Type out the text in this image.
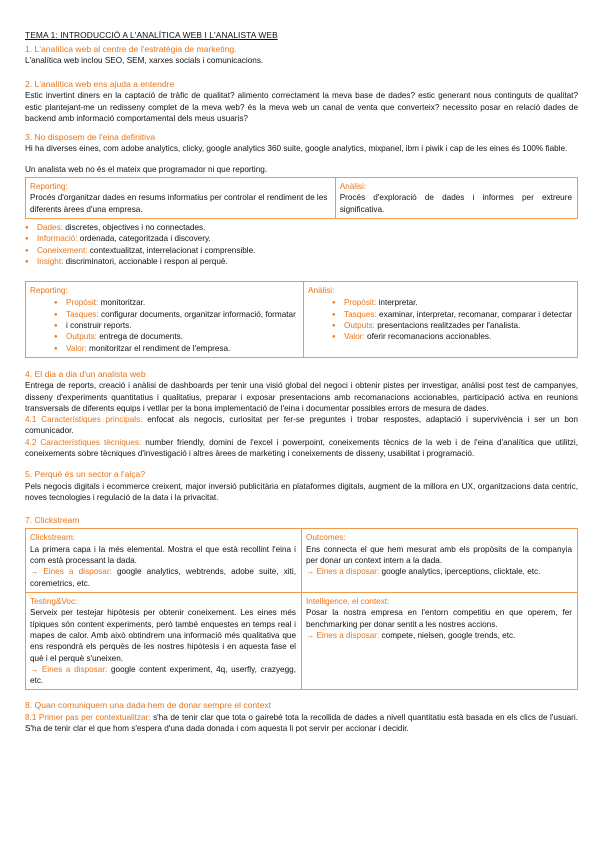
TEMA 1: INTRODUCCIÓ A L'ANALÍTICA WEB I L'ANALISTA WEB
1. L'analítica web al centre de l'estratègia de marketing.

L'analítica web inclou SEO, SEM, xarxes socials i comunicacions.

2. L'analítica web ens ajuda a entendre

Estic invertint diners en la captació de tràfic de qualitat? alimento correctament la meva base de dades? estic generant nous continguts de qualitat? estic plantejant-me un redisseny complet de la meva web? és la meva web un canal de venta que converteix? necessito posar en relació dades de backend amb informació comportamental dels meus usuaris?

3. No disposem de l'eina definitiva

Hi ha diverses eines, com adobe analytics, clicky, google analytics 360 suite, google analytics, mixpanel, ibm i piwik i cap de les eines és 100% fiable.

Un analista web no és el mateix que programador ni que reporting.

Reporting:
Procés d'organitzar dades en resums informatius per controlar el rendiment de les diferents àrees d'una empresa.
Anàlisi:

Procés d'exploració de dades i informes per extreure significativa.

● Dades: discretes, objectives i no connectades.
● Informació: ordenada, categoritzada i discovery.
● Coneixement: contextualitzat, interrelacionat i comprensible.
● Insight: discriminatori, accionable i respon al perquè.
Reporting:
● Propòsit: monitoritzar.
● Tasques: configurar documents, organitzar informació, formatar
● i construir reports.
● Outputs: entrega de documents.
● Valor: monitoritzar el rendiment de l'empresa.
Anàlisi:
● Propòsit: interpretar.
● Tasques: examinar, interpretar, recomanar, comparar i detectar
● Outputs: presentacions realitzades per l'analista.
● Valor: oferir recomanacions accionables.
4. El dia a dia d'un analista web

Entrega de reports, creació i anàlisi de dashboards per tenir una visió global del negoci i obtenir pistes per investigar, anàlisi post test de campanyes, disseny d'experiments quantitatius i qualitatius, preparar i exposar presentacions amb recomanacions accionables, participació activa en reunions transversals de diferents equips i vetllar per la bona implementació de l'eina i documentar possibles errors de mesura de dades.

4.1 Característiques principals: enfocat als negocis, curiositat per fer-se preguntes i trobar respostes, adaptació i supervivència i ser un bon comunicador.

4.2 Característiques tècniques: number friendly, domini de l'excel i powerpoint, coneixements tècnics de la web i de l'eina d'analítica que utilitzi, coneixements sobre tècniques d'investigació i altres àrees de marketing i coneixements de disseny, usabilitat i programació.

5. Perquè és un sector a l'alça?

Pels negocis digitals i ecommerce creixent, major inversió publicitària en plataformes digitals, augment de la millora en UX, organitzacions data centric, noves tecnologies i regulació de la data i la privacitat.

7. Clickstream
Clickstream:

La primera capa i la més elemental. Mostra el que està recollint l'eina i com està processant la dada.

→ Eines a disposar: google analytics, webtrends, adobe suite, xiti, coremetrics, etc.

Outcomes:

Ens connecta el que hem mesurat amb els propòsits de la companyia per donar un context intern a la dada.

→ Eines a disposar: google analytics, iperceptions, clicktale, etc.

Testing&Voc:

Serveix per testejar hipòtesis per obtenir coneixement. Les eines més típiques són content experiments, però també enquestes en temps real i mapes de calor. Amb això obtindrem una informació més qualitativa que ens respondrà els perquès de les nostres hipòtesis i en aquesta fase el què i el perquè s'uneixen.

→ Eines a disposar: google content experiment, 4q, userfly, crazyegg, etc.

Intelligence, el context:

Posar la nostra empresa en l'entorn competitiu en que operem, fer benchmarking per donar sentit a les nostres accions.

→ Eines a disposar: compete, nielsen, google trends, etc.

8. Quan comuniquem una dada hem de donar sempre el context

8.1 Primer pas per contextualitzar: s'ha de tenir clar que tota o gairebé tota la recollida de dades a nivell quantitatiu està basada en els clics de l'usuari. S'ha de tenir clar el que hom s'espera d'una dada donada i com aquesta li pot servir per accionar i decidir.
